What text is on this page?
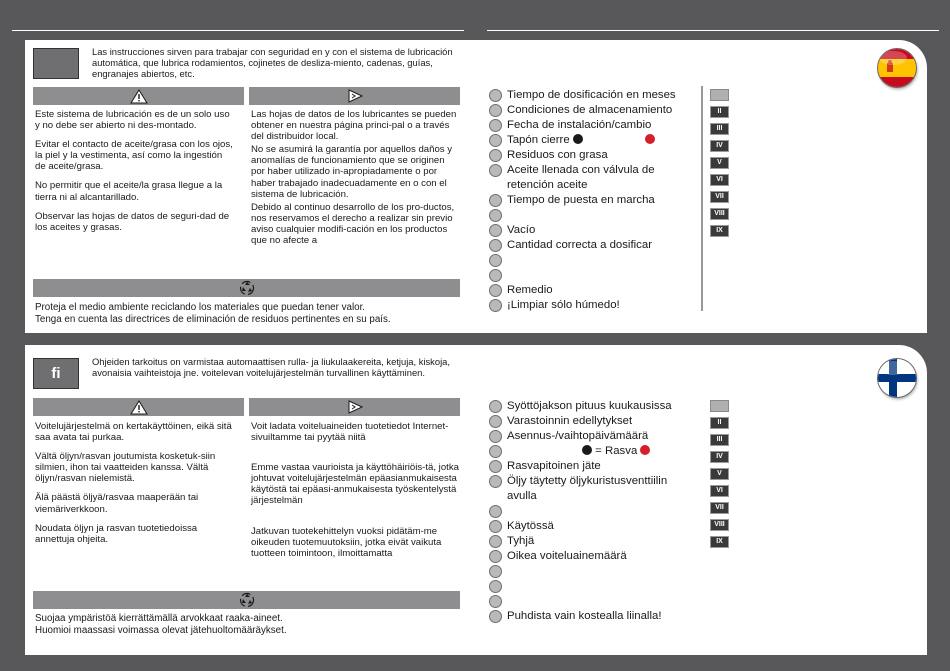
Las instrucciones sirven para trabajar con seguridad en y con el sistema de lubricación automática, que lubrica rodamientos, cojinetes de desliza-miento, cadenas, guías, engranajes abiertos, etc.

Este sistema de lubricación es de un solo uso y no debe ser abierto ni des-montado.

Evitar el contacto de aceite/grasa con los ojos, la piel y la vestimenta, así como la ingestión de aceite/grasa.

No permitir que el aceite/la grasa llegue a la tierra ni al alcantarillado.

Observar las hojas de datos de seguri-dad de los aceites y grasas.

Las hojas de datos de los lubricantes se pueden obtener en nuestra página princi-pal o a través del distribuidor local.

No se asumirá la garantía por aquellos daños y anomalías de funcionamiento que se originen por haber utilizado in-apropiadamente o por haber trabajado inadecuadamente en o con el sistema de lubricación.

Debido al continuo desarrollo de los pro-ductos, nos reservamos el derecho a realizar sin previo aviso cualquier modifi-cación en los productos que no afecte a

Proteja el medio ambiente reciclando los materiales que puedan tener valor.
Tenga en cuenta las directrices de eliminación de residuos pertinentes en su país.
Tiempo de dosificación en meses
Condiciones de almacenamiento
Fecha de instalación/cambio
Tapón cierre
Residuos con grasa
Aceite llenada con válvula de retención aceite
Tiempo de puesta en marcha
Vacío
Cantidad correcta a dosificar
Remedio
¡Limpiar sólo húmedo!
II
III
IV
V
VI
VII
VIII
IX
fi
Ohjeiden tarkoitus on varmistaa automaattisen rulla- ja liukulaakereita, ketjuja, kiskoja, avonaisia vaihteistoja jne. voitelevan voitelujärjestelmän turvallinen käyttäminen.

Voitelujärjestelmä on kertakäyttöinen, eikä sitä saa avata tai purkaa.

Vältä öljyn/rasvan joutumista kosketuk-siin silmien, ihon tai vaatteiden kanssa. Vältä öljyn/rasvan nielemistä.

Älä päästä öljyä/rasvaa maaperään tai viemäriverkkoon.

Noudata öljyn ja rasvan tuotetiedoissa annettuja ohjeita.

Voit ladata voiteluaineiden tuotetiedot Internet-sivuiltamme tai pyytää niitä

Emme vastaa vaurioista ja käyttöhäiriöis-tä, jotka johtuvat voitelujärjestelmän epäasianmukaisesta käytöstä tai epäasi-anmukaisesta työskentelystä järjestelmän

Jatkuvan tuotekehittelyn vuoksi pidätäm-me oikeuden tuotemuutoksiin, jotka eivät vaikuta tuotteen toimintoon, ilmoittamatta

Suojaa ympäristöä kierrättämällä arvokkaat raaka-aineet.
Huomioi maassasi voimassa olevat jätehuoltomääräykset.
Syöttöjakson pituus kuukausissa
Varastoinnin edellytykset
Asennus-/vaihtopäivämäärä
= Rasva
Rasvapitoinen jäte
Öljy täytetty öljykuristusventtiilin avulla
Käytössä
Tyhjä
Oikea voiteluainemäärä
Puhdista vain kostealla liinalla!
II
III
IV
V
VI
VII
VIII
IX
